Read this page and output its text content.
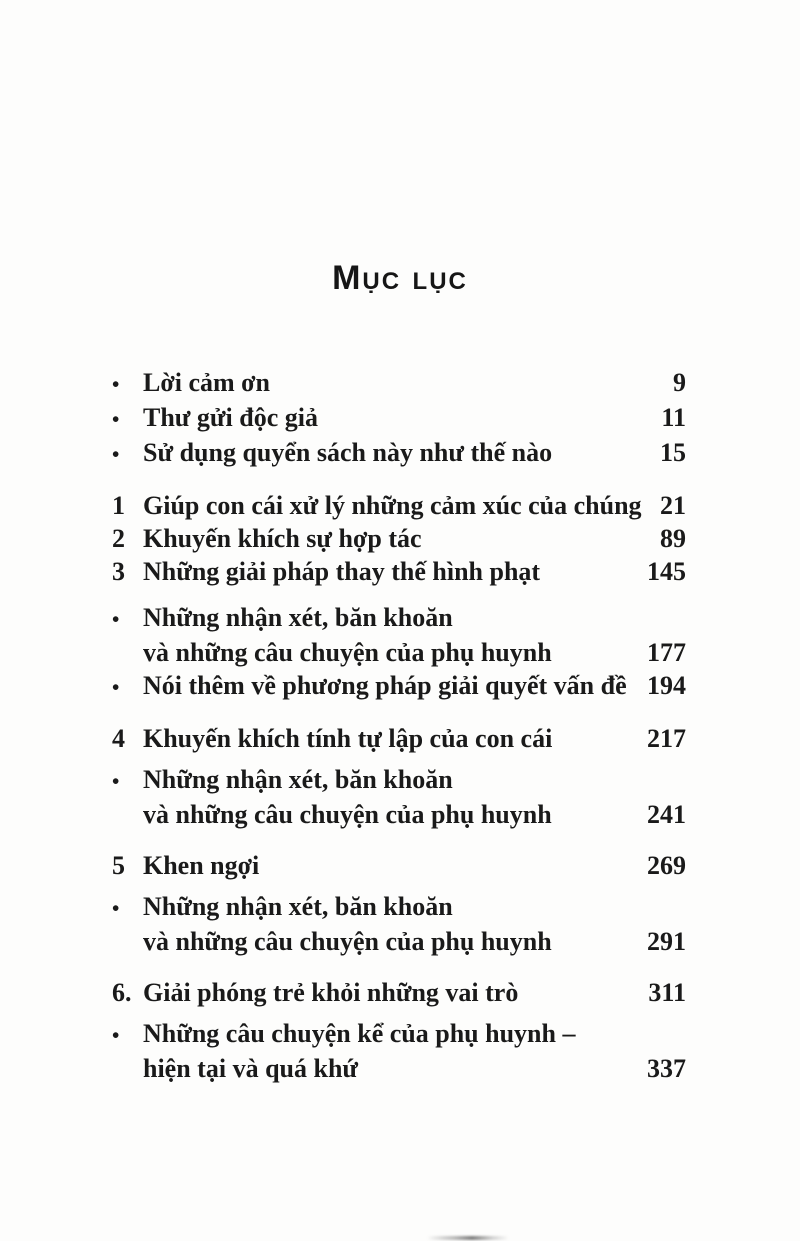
Mục lục
• Lời cảm ơn	9
• Thư gửi độc giả	11
• Sử dụng quyển sách này như thế nào	15
1 Giúp con cái xử lý những cảm xúc của chúng 21
2 Khuyến khích sự hợp tác	89
3 Những giải pháp thay thế hình phạt	145
• Những nhận xét, băn khoăn
và những câu chuyện của phụ huynh	177
• Nói thêm về phương pháp giải quyết vấn đề 194
4 Khuyến khích tính tự lập của con cái	217
• Những nhận xét, băn khoăn
và những câu chuyện của phụ huynh	241
5 Khen ngợi	269
• Những nhận xét, băn khoăn
và những câu chuyện của phụ huynh	291
6. Giải phóng trẻ khỏi những vai trò	311
• Những câu chuyện kể của phụ huynh –
hiện tại và quá khứ	337
